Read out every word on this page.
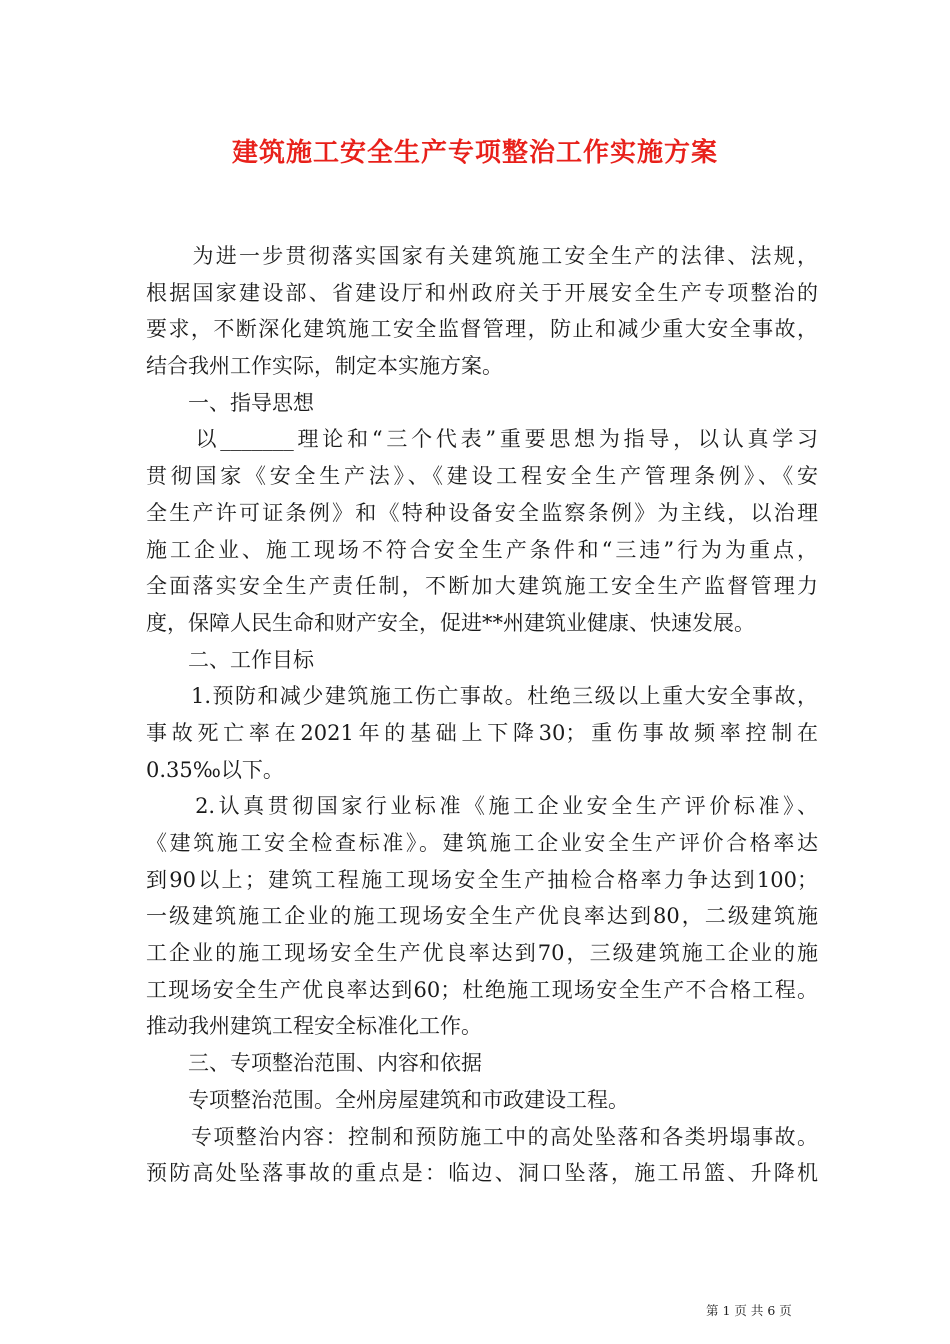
建筑施工安全生产专项整治工作实施方案
　　为进一步贯彻落实国家有关建筑施工安全生产的法律、法规，
根据国家建设部、省建设厅和州政府关于开展安全生产专项整治的
要求，不断深化建筑施工安全监督管理，防止和减少重大安全事故，
结合我州工作实际，制定本实施方案。
　　一、指导思想
　　以_______理论和“三个代表”重要思想为指导，以认真学习
贯彻国家《安全生产法》、《建设工程安全生产管理条例》、《安
全生产许可证条例》和《特种设备安全监察条例》为主线，以治理
施工企业、施工现场不符合安全生产条件和“三违”行为为重点，
全面落实安全生产责任制，不断加大建筑施工安全生产监督管理力
度，保障人民生命和财产安全，促进**州建筑业健康、快速发展。
　　二、工作目标
　　1.预防和减少建筑施工伤亡事故。杜绝三级以上重大安全事故，
事故死亡率在2021年的基础上下降30；重伤事故频率控制在
0.35‰以下。
　　2.认真贯彻国家行业标准《施工企业安全生产评价标准》、
《建筑施工安全检查标准》。建筑施工企业安全生产评价合格率达
到90以上；建筑工程施工现场安全生产抽检合格率力争达到100；
一级建筑施工企业的施工现场安全生产优良率达到80，二级建筑施
工企业的施工现场安全生产优良率达到70，三级建筑施工企业的施
工现场安全生产优良率达到60；杜绝施工现场安全生产不合格工程。
推动我州建筑工程安全标准化工作。
　　三、专项整治范围、内容和依据
　　专项整治范围。全州房屋建筑和市政建设工程。
　　专项整治内容：控制和预防施工中的高处坠落和各类坍塌事故。
预防高处坠落事故的重点是：临边、洞口坠落，施工吊篮、升降机
第 1 页 共 6 页
